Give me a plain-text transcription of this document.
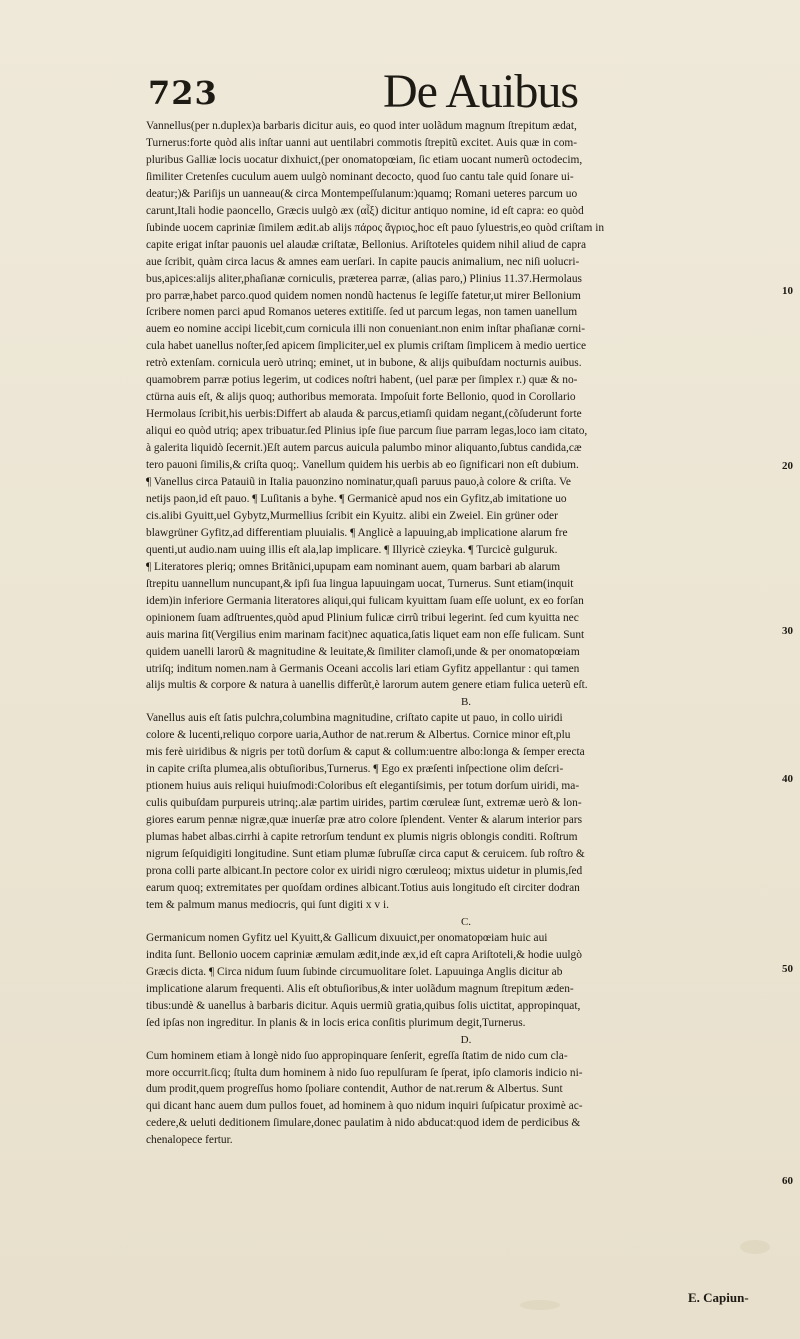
723	De Auibus
Vannellus(per n.duplex)a barbaris dicitur auis, eo quod inter uolãdum magnum ſtrepitum ædat,
Turnerus:forte quòd alis inſtar uanni aut uentilabri commotis ſtrepitũ excitet. Auis quæ in com-
pluribus Galliæ locis uocatur dixhuict,(per onomatopœiam, ſic etiam uocant numerũ octodecim,
ſimiliter Cretenſes cuculum auem uulgò nominant decocto, quod ſuo cantu tale quid ſonare ui-
deatur;)& Pariſijs un uanneau(& circa Montempeſſulanum:)quamq; Romani ueteres parcum uo
carunt,Itali hodie paoncello, Græcis uulgò æx (αἶξ) dicitur antiquo nomine, id eſt capra: eo quòd
ſubinde uocem capriniæ ſimilem ædit.ab alijs πάρος ἄγριος,hoc eſt pauo ſyluestris,eo quòd criſtam in
capite erigat inſtar pauonis uel alaudæ criſtatæ, Bellonius. Ariſtoteles quidem nihil aliud de capra
aue ſcribit, quàm circa lacus & amnes eam uerſari. In capite paucis animalium, nec niſi uolucri-
bus,apices:alijs aliter,phaſianæ corniculis, præterea parræ, (alias paro,) Plinius 11.37.Hermolaus
pro parræ,habet parco.quod quidem nomen nondũ hactenus ſe legiſſe fatetur,ut mirer Bellonium
ſcribere nomen parci apud Romanos ueteres extitiſſe. ſed ut parcum legas, non tamen uanellum
auem eo nomine accipi licebit,cum cornicula illi non conueniant.non enim inſtar phaſianæ corni-
cula habet uanellus noſter,ſed apicem ſimpliciter,uel ex plumis criſtam ſimplicem à medio uertice
retrò extenſam. cornicula uerò utrinq; eminet, ut in bubone, & alijs quibuſdam nocturnis auibus.
quamobrem parræ potius legerim, ut codices noſtri habent, (uel paræ per ſimplex r.) quæ & no-
ctürna auis eſt, & alijs quoq; authoribus memorata. Impoſuit forte Bellonio, quod in Corollario
Hermolaus ſcribit,his uerbis:Differt ab alauda & parcus,etiamſi quidam negant,(cõſuderunt forte
aliqui eo quòd utriq; apex tribuatur.ſed Plinius ipſe ſiue parcum ſiue parram legas,loco iam citato,
à galerita liquidò ſecernit.)Eſt autem parcus auicula palumbo minor aliquanto,ſubtus candida,cæ
tero pauoni ſimilis,& criſta quoq;. Vanellum quidem his uerbis ab eo ſignificari non eſt dubium.
¶ Vanellus circa Patauiũ in Italia pauonzino nominatur,quaſi paruus pauo,à colore & criſta. Ve
netijs paon,id eſt pauo. ¶ Luſitanis a byhe. ¶ Germanicè apud nos ein Gyfitz,ab imitatione uo
cis.alibi Gyuitt,uel Gybytz,Murmellius ſcribit ein Kyuitz. alibi ein Zweiel. Ein grüner oder
blawgrüner Gyfitz,ad differentiam pluuialis. ¶ Anglicè a lapuuing,ab implicatione alarum fre
quenti,ut audio.nam uuing illis eſt ala,lap implicare. ¶ Illyricè czieyka. ¶ Turcicè gulguruk.
¶ Literatores pleriq; omnes Britãnici,upupam eam nominant auem, quam barbari ab alarum
ſtrepitu uannellum nuncupant,& ipſi ſua lingua lapuuingam uocat, Turnerus. Sunt etiam(inquit
idem)in inferiore Germania literatores aliqui,qui fulicam kyuittam ſuam eſſe uolunt, ex eo forſan
opinionem ſuam adſtruentes,quòd apud Plinium fulicæ cirrũ tribui legerint. ſed cum kyuitta nec
auis marina ſit(Vergilius enim marinam facit)nec aquatica,ſatis liquet eam non eſſe fulicam. Sunt
quidem uanelli larorũ & magnitudine & leuitate,& ſimiliter clamoſi,unde & per onomatopœiam
utriſq; inditum nomen.nam à Germanis Oceani accolis lari etiam Gyfitz appellantur : qui tamen
alijs multis & corpore & natura à uanellis differũt,è larorum autem genere etiam fulica ueterũ eſt.
B.
Vanellus auis eſt ſatis pulchra,columbina magnitudine, criſtato capite ut pauo, in collo uiridi
colore & lucenti,reliquo corpore uaria,Author de nat.rerum & Albertus. Cornice minor eſt,plu
mis ferè uiridibus & nigris per totũ dorſum & caput & collum:uentre albo:longa & ſemper erecta
in capite criſta plumea,alis obtuſioribus,Turnerus. ¶ Ego ex præſenti inſpectione olim deſcri-
ptionem huius auis reliqui huiuſmodi:Coloribus eſt elegantiſsimis, per totum dorſum uiridi, ma-
culis quibuſdam purpureis utrinq;.alæ partim uirides, partim cœruleæ ſunt, extremæ uerò & lon-
giores earum pennæ nigræ,quæ inuerſæ præ atro colore ſplendent. Venter & alarum interior pars
plumas habet albas.cirrhi à capite retrorſum tendunt ex plumis nigris oblongis conditi. Roſtrum
nigrum ſeſquidigiti longitudine. Sunt etiam plumæ ſubruſſæ circa caput & ceruicem. ſub roſtro &
prona colli parte albicant.In pectore color ex uiridi nigro cœruleoq; mixtus uidetur in plumis,ſed
earum quoq; extremitates per quoſdam ordines albicant.Totius auis longitudo eſt circiter dodran
tem & palmum manus mediocris, qui ſunt digiti x v i.
C.
Germanicum nomen Gyfitz uel Kyuitt,& Gallicum dixuuict,per onomatopœiam huic aui
indita ſunt. Bellonio uocem capriniæ æmulam ædit,inde æx,id eſt capra Ariſtoteli,& hodie uulgò
Græcis dicta. ¶ Circa nidum ſuum ſubinde circumuolitare ſolet. Lapuuinga Anglis dicitur ab
implicatione alarum frequenti. Alis eſt obtuſioribus,& inter uolãdum magnum ſtrepitum æden-
tibus:undè & uanellus à barbaris dicitur. Aquis uermiũ gratia,quibus ſolis uictitat, appropinquat,
ſed ipſas non ingreditur. In planis & in locis erica conſitis plurimum degit,Turnerus.
D.
Cum hominem etiam à longè nido ſuo appropinquare ſenſerit, egreſſa ſtatim de nido cum cla-
more occurrit.ſicq; ſtulta dum hominem à nido ſuo repulſuram ſe ſperat, ipſo clamoris indicio ni-
dum prodit,quem progreſſus homo ſpoliare contendit, Author de nat.rerum & Albertus. Sunt
qui dicant hanc auem dum pullos fouet, ad hominem à quo nidum inquiri ſuſpicatur proximè ac-
cedere,& ueluti deditionem ſimulare,donec paulatim à nido abducat:quod idem de perdicibus &
chenalopece fertur.
10
20
30
40
50
60
E. Capiun-
